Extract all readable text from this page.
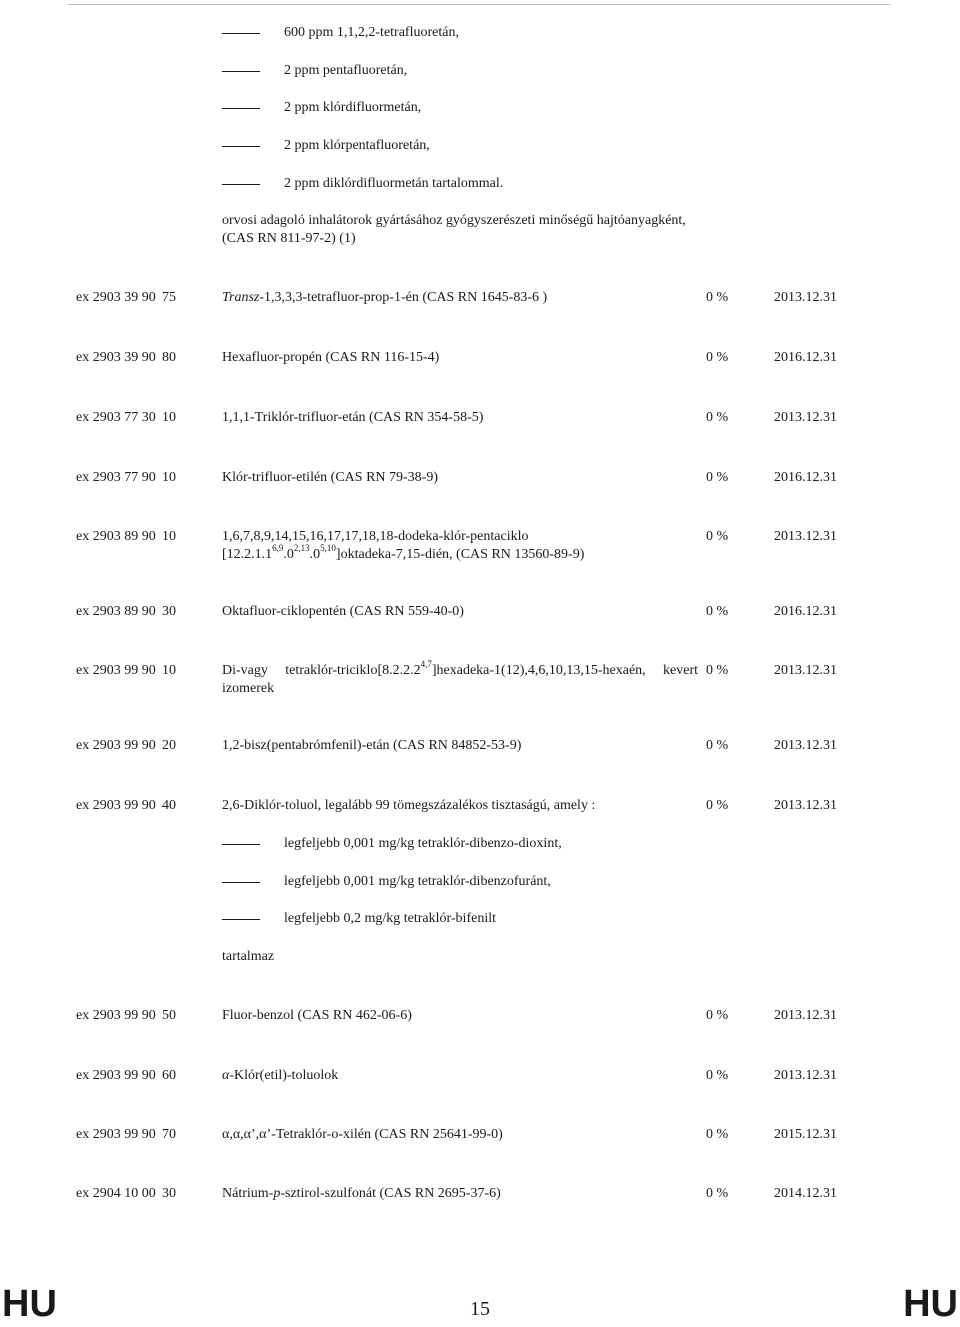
600 ppm 1,1,2,2-tetrafluoretán,
2 ppm pentafluoretán,
2 ppm klórdifluormetán,
2 ppm klórpentafluoretán,
2 ppm diklórdifluormetán tartalommal.
orvosi adagoló inhalátorok gyártásához gyógyszerészeti minőségű hajtóanyagként,
(CAS RN 811-97-2) (1)
ex 2903 39 90 75	Transz-1,3,3,3-tetrafluor-prop-1-én (CAS RN 1645-83-6 )	0 %	2013.12.31
ex 2903 39 90 80	Hexafluor-propén (CAS RN 116-15-4)	0 %	2016.12.31
ex 2903 77 30 10	1,1,1-Triklór-trifluor-etán (CAS RN 354-58-5)	0 %	2013.12.31
ex 2903 77 90 10	Klór-trifluor-etilén (CAS RN 79-38-9)	0 %	2016.12.31
ex 2903 89 90 10	1,6,7,8,9,14,15,16,17,17,18,18-dodeka-klór-pentaciklo
[12.2.1.1$^{6,9}$.0$^{2,13}$.0$^{5,10}$]oktadeka-7,15-dién, (CAS RN 13560-89-9)
0 %	2013.12.31
ex 2903 89 90 30	Oktafluor-ciklopentén (CAS RN 559-40-0)	0 %	2016.12.31
ex 2903 99 90 10	Di-vagy tetraklór-triciklo[8.2.2.2$^{4,7}$]hexadeka-1(12),4,6,10,13,15-hexaén, kevert izomerek
0 %	2013.12.31
ex 2903 99 90 20	1,2-bisz(pentabrómfenil)-etán (CAS RN 84852-53-9)	0 %	2013.12.31
ex 2903 99 90 40	2,6-Diklór-toluol, legalább 99 tömegszázalékos tisztaságú, amely :	0 %	2013.12.31
legfeljebb 0,001 mg/kg tetraklór-dibenzo-dioxint,
legfeljebb 0,001 mg/kg tetraklór-dibenzofuránt,
legfeljebb 0,2 mg/kg tetraklór-bifenilt
tartalmaz
ex 2903 99 90 50	Fluor-benzol (CAS RN 462-06-6)	0 %	2013.12.31
ex 2903 99 90 60	α-Klór(etil)-toluolok	0 %	2013.12.31
ex 2903 99 90 70	α,α,α’,α’-Tetraklór-o-xilén (CAS RN 25641-99-0)	0 %	2015.12.31
ex 2904 10 00 30	Nátrium-p-sztirol-szulfonát (CAS RN 2695-37-6)	0 %	2014.12.31
HU	15	HU
